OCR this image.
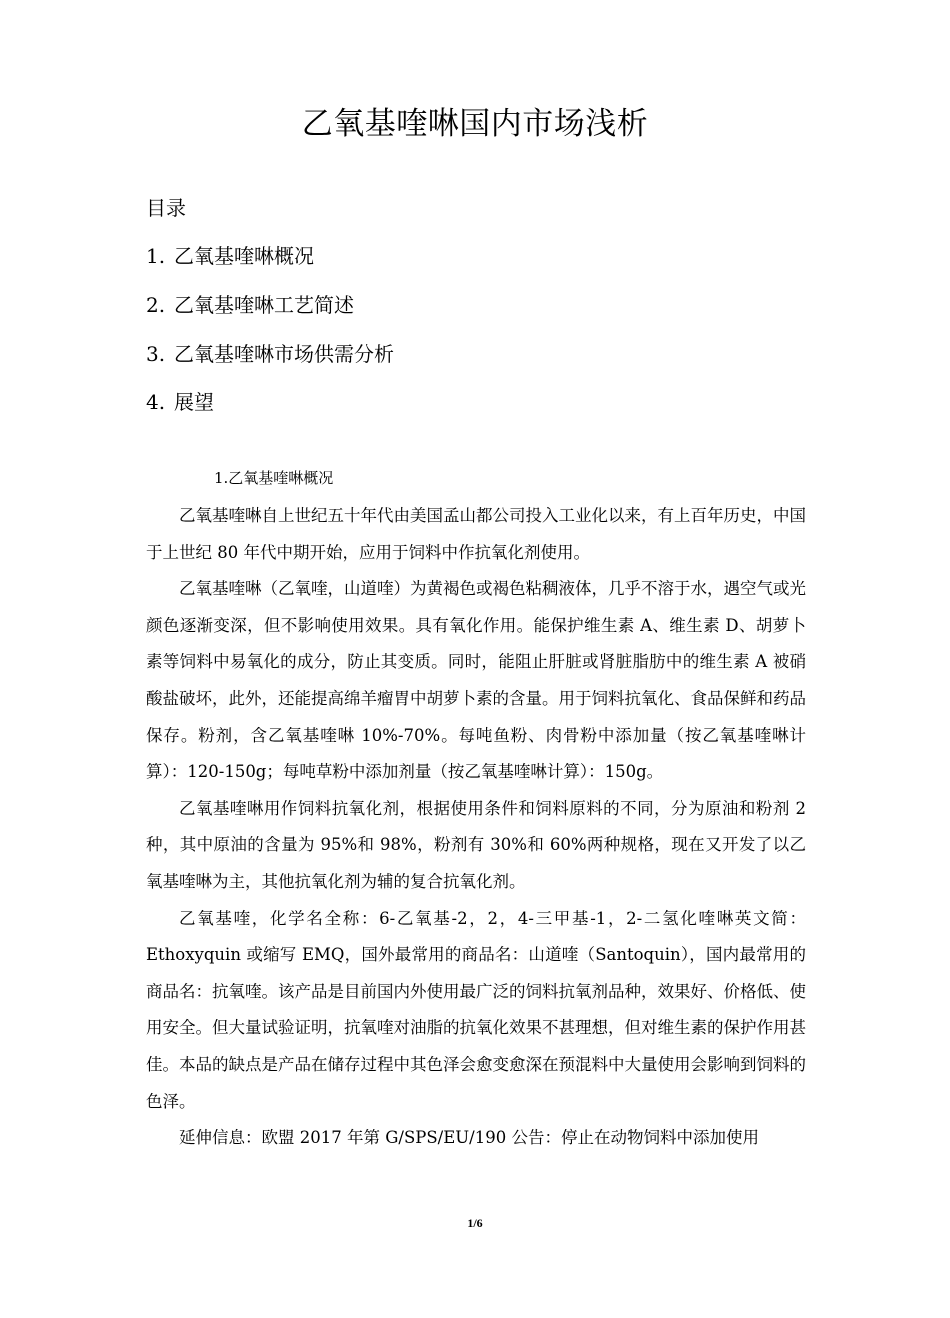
乙氧基喹啉国内市场浅析
目录
1. 乙氧基喹啉概况
2. 乙氧基喹啉工艺简述
3. 乙氧基喹啉市场供需分析
4. 展望
1.乙氧基喹啉概况

乙氧基喹啉自上世纪五十年代由美国孟山都公司投入工业化以来，有上百年历史，中国于上世纪 80 年代中期开始，应用于饲料中作抗氧化剂使用。

乙氧基喹啉（乙氧喹，山道喹）为黄褐色或褐色粘稠液体，几乎不溶于水，遇空气或光颜色逐渐变深，但不影响使用效果。具有氧化作用。能保护维生素 A、维生素 D、胡萝卜素等饲料中易氧化的成分，防止其变质。同时，能阻止肝脏或肾脏脂肪中的维生素 A 被硝酸盐破坏，此外，还能提高绵羊瘤胃中胡萝卜素的含量。用于饲料抗氧化、食品保鲜和药品保存。粉剂，含乙氧基喹啉 10%-70%。每吨鱼粉、肉骨粉中添加量（按乙氧基喹啉计算）：120-150g；每吨草粉中添加剂量（按乙氧基喹啉计算）：150g。

乙氧基喹啉用作饲料抗氧化剂，根据使用条件和饲料原料的不同，分为原油和粉剂 2 种，其中原油的含量为 95%和 98%，粉剂有 30%和 60%两种规格，现在又开发了以乙氧基喹啉为主，其他抗氧化剂为辅的复合抗氧化剂。

乙氧基喹，化学名全称：6-乙氧基-2，2，4-三甲基-1，2-二氢化喹啉英文简：Ethoxyquin 或缩写 EMQ，国外最常用的商品名：山道喹（Santoquin），国内最常用的商品名：抗氧喹。该产品是目前国内外使用最广泛的饲料抗氧剂品种，效果好、价格低、使用安全。但大量试验证明，抗氧喹对油脂的抗氧化效果不甚理想，但对维生素的保护作用甚佳。本品的缺点是产品在储存过程中其色泽会愈变愈深在预混料中大量使用会影响到饲料的色泽。

延伸信息：欧盟 2017 年第 G/SPS/EU/190 公告：停止在动物饲料中添加使用

1/6
